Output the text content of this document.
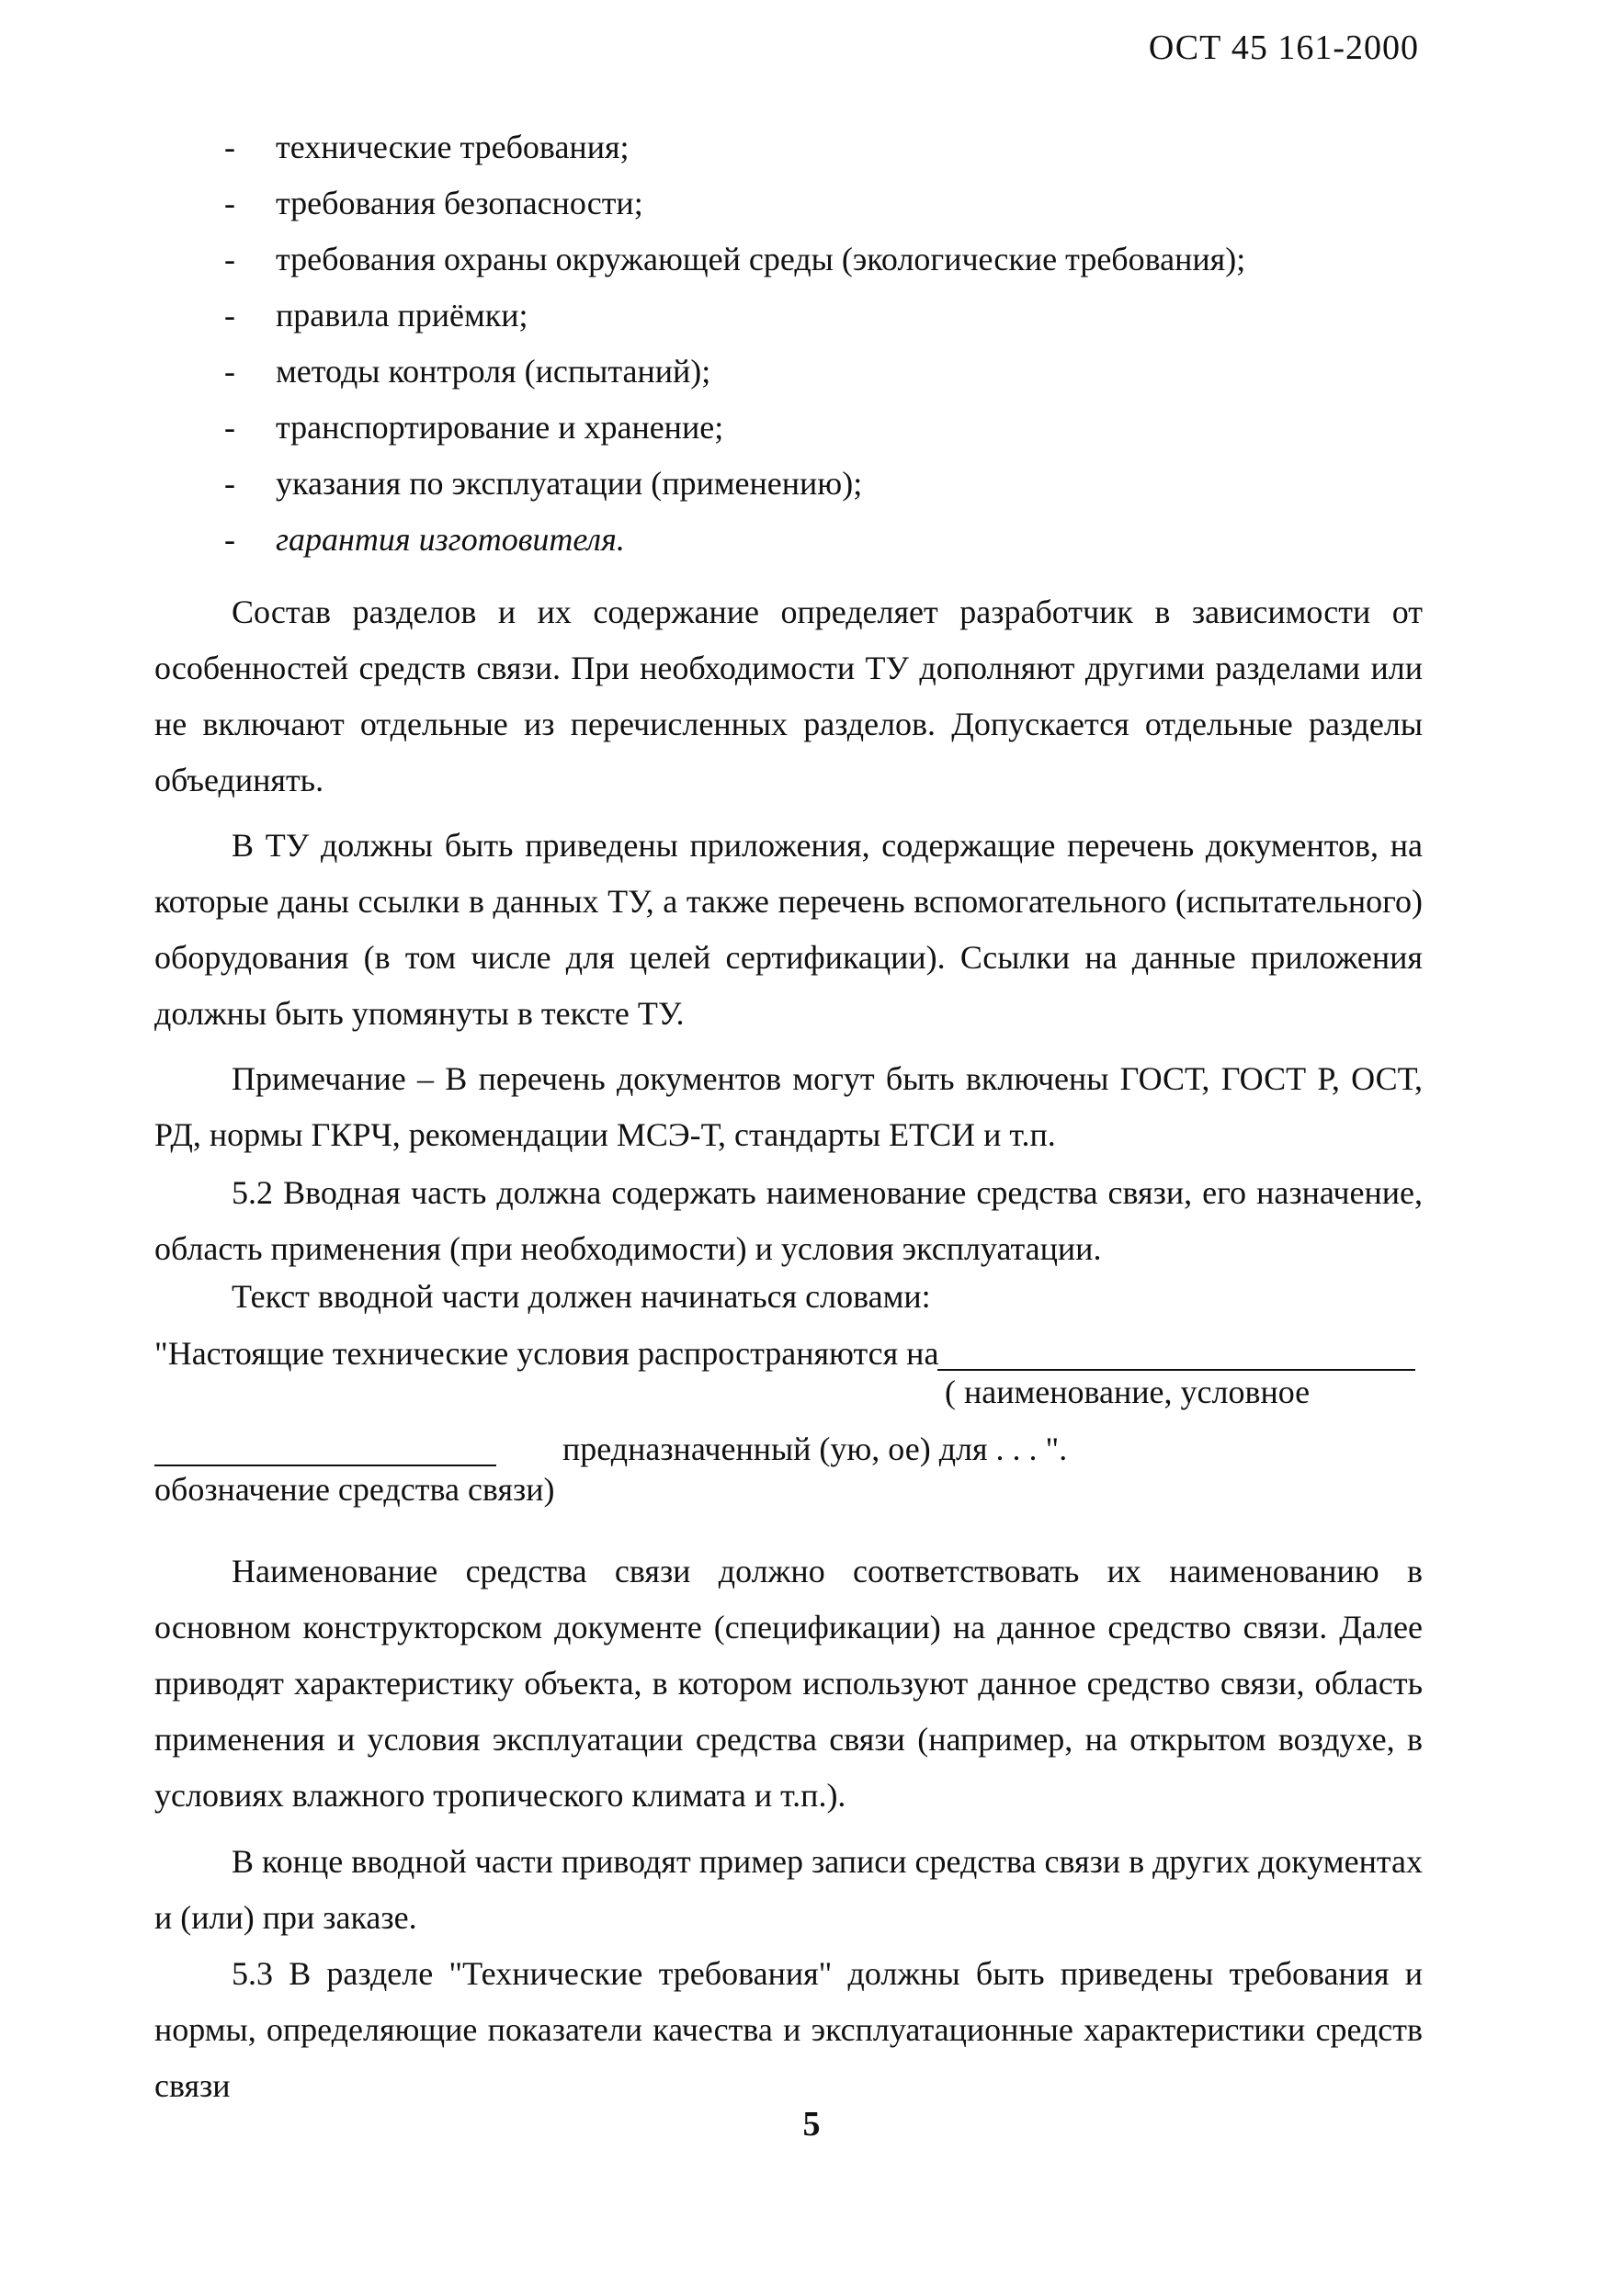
ОСТ 45 161-2000
- технические требования;
- требования безопасности;
- требования охраны окружающей среды (экологические требования);
- правила приёмки;
- методы контроля (испытаний);
- транспортирование и хранение;
- указания по эксплуатации (применению);
- гарантия изготовителя.

Состав разделов и их содержание определяет разработчик в зависимости от особенностей средств связи. При необходимости ТУ дополняют другими разделами или не включают отдельные из перечисленных разделов. Допускается отдельные разделы объединять.

В ТУ должны быть приведены приложения, содержащие перечень документов, на которые даны ссылки в данных ТУ, а также перечень вспомогательного (испытательного) оборудования (в том числе для целей сертификации). Ссылки на данные приложения должны быть упомянуты в тексте ТУ.

Примечание – В перечень документов могут быть включены ГОСТ, ГОСТ Р, ОСТ, РД, нормы ГКРЧ, рекомендации МСЭ-Т, стандарты ЕТСИ и т.п.

5.2 Вводная часть должна содержать наименование средства связи, его назначение, область применения (при необходимости) и условия эксплуатации.

Текст вводной части должен начинаться словами:
"Настоящие технические условия распространяются на
( наименование, условное
предназначенный (ую, ое) для . . . ".
обозначение средства связи)

Наименование средства связи должно соответствовать их наименованию в основном конструкторском документе (спецификации) на данное средство связи. Далее приводят характеристику объекта, в котором используют данное средство связи, область применения и условия эксплуатации средства связи (например, на открытом воздухе, в условиях влажного тропического климата и т.п.).

В конце вводной части приводят пример записи средства связи в других документах и (или) при заказе.

5.3 В разделе "Технические требования" должны быть приведены требования и нормы, определяющие показатели качества и эксплуатационные характеристики средств связи

5
